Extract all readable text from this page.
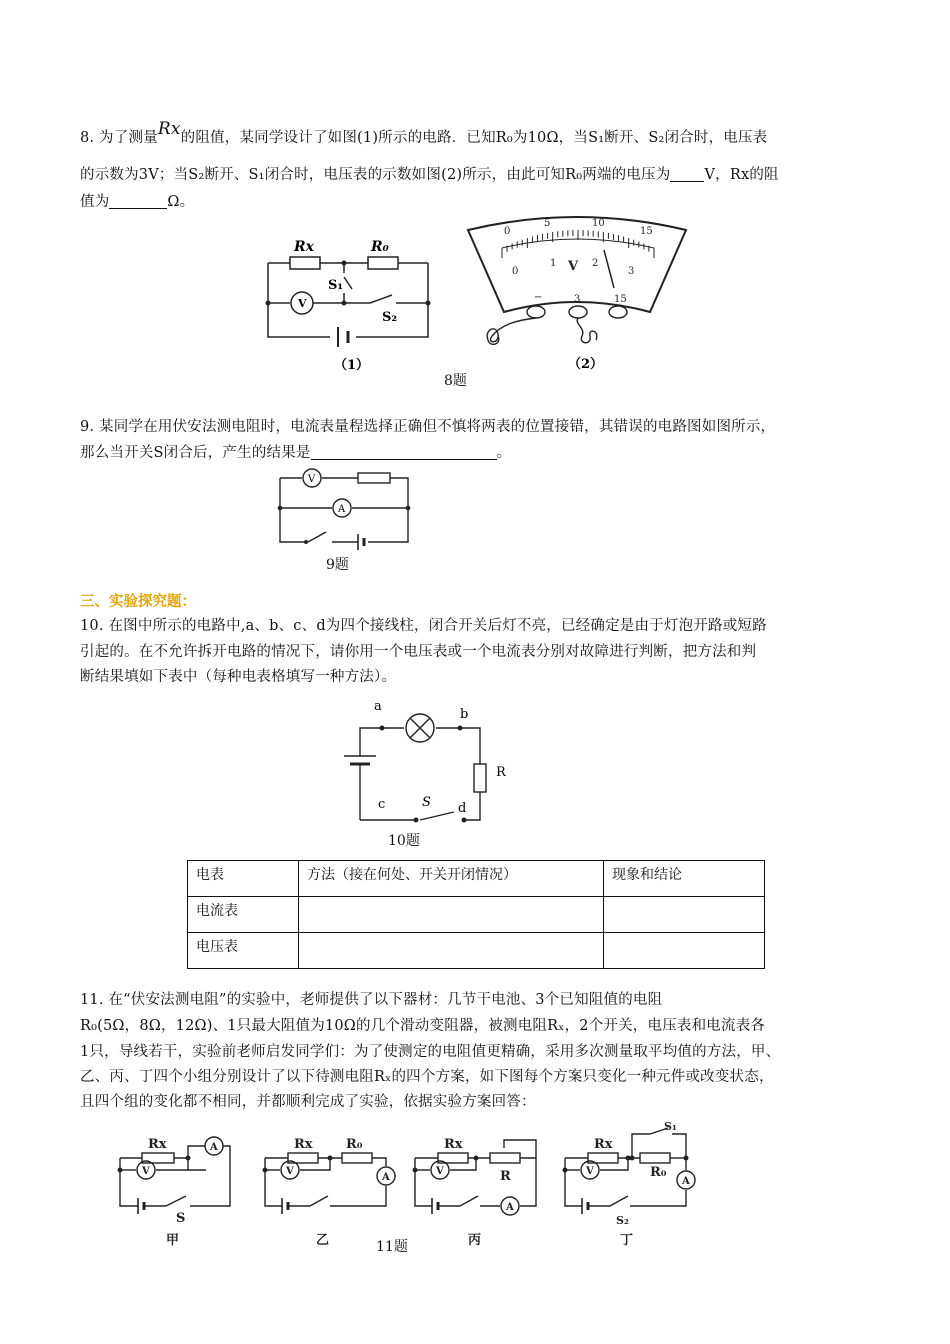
8. 为了测量Rx的阻值，某同学设计了如图(1)所示的电路．已知R₀为10Ω，当S₁断开、S₂闭合时，电压表
的示数为3V；当S₂断开、S₁闭合时，电压表的示数如图(2)所示，由此可知R₀两端的电压为 V，Rx的阻
值为	Ω。
Rx	R₀
V
S₁
S₂
（1）
0
5	10
15
0
1	2
3
V
−	3	15
（2）
8题
9. 某同学在用伏安法测电阻时，电流表量程选择正确但不慎将两表的位置接错，其错误的电路图如图所示，
那么当开关S闭合后，产生的结果是	。
V
A
9题
三、实验探究题：
10. 在图中所示的电路中,a、b、c、d为四个接线柱，闭合开关后灯不亮，已经确定是由于灯泡开路或短路
引起的。在不允许拆开电路的情况下，请你用一个电压表或一个电流表分别对故障进行判断，把方法和判
断结果填如下表中（每种电表格填写一种方法）。
a
b
c	d
R
S
10题
电表	方法（接在何处、开关开闭情况）	现象和结论
电流表		
电压表		
11. 在“伏安法测电阻”的实验中，老师提供了以下器材：几节干电池、3个已知阻值的电阻
R₀(5Ω，8Ω，12Ω)、1只最大阻值为10Ω的几个滑动变阻器，被测电阻Rₓ，2个开关，电压表和电流表各
1只，导线若干，实验前老师启发同学们：为了使测定的电阻值更精确，采用多次测量取平均值的方法，甲、
乙、丙、丁四个小组分别设计了以下待测电阻Rₓ的四个方案，如下图每个方案只变化一种元件或改变状态，
且四个组的变化都不相同，并都顺利完成了实验，依据实验方案回答：
Rx
V
A
S
甲
Rx	R₀
V
A
乙
Rx
R
V
A
丙
Rx
R₀
V
A
S₁
S₂
丁
11题
